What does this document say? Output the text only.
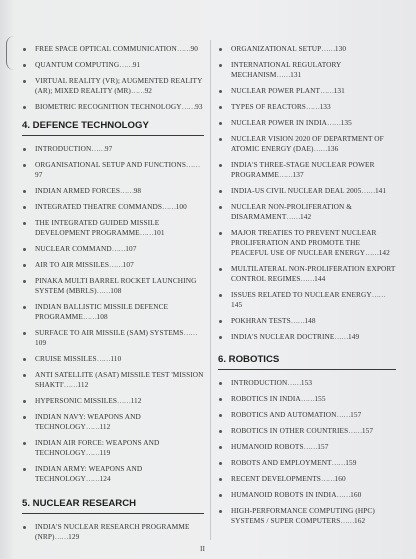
FREE SPACE OPTICAL COMMUNICATION……90
QUANTUM COMPUTING……91
VIRTUAL REALITY (VR); AUGMENTED REALITY (AR); MIXED REALITY (MR)……92
BIOMETRIC RECOGNITION TECHNOLOGY……93
4. DEFENCE TECHNOLOGY
INTRODUCTION……97
ORGANISATIONAL SETUP AND FUNCTIONS……97
INDIAN ARMED FORCES……98
INTEGRATED THEATRE COMMANDS……100
THE INTEGRATED GUIDED MISSILE DEVELOPMENT PROGRAMME……101
NUCLEAR COMMAND……107
AIR TO AIR MISSILES……107
PINAKA MULTI BARREL ROCKET LAUNCHING SYSTEM (MBRLS)……108
INDIAN BALLISTIC MISSILE DEFENCE PROGRAMME……108
SURFACE TO AIR MISSILE (SAM) SYSTEMS……109
CRUISE MISSILES……110
ANTI SATELLITE (ASAT) MISSILE TEST 'MISSION SHAKTI'……112
HYPERSONIC MISSILES……112
INDIAN NAVY: WEAPONS AND TECHNOLOGY……112
INDIAN AIR FORCE: WEAPONS AND TECHNOLOGY……119
INDIAN ARMY: WEAPONS AND TECHNOLOGY……124
5. NUCLEAR RESEARCH
INDIA'S NUCLEAR RESEARCH PROGRAMME (NRP)……129
ORGANIZATIONAL SETUP……130
INTERNATIONAL REGULATORY MECHANISM……131
NUCLEAR POWER PLANT……131
TYPES OF REACTORS……133
NUCLEAR POWER IN INDIA……135
NUCLEAR VISION 2020 OF DEPARTMENT OF ATOMIC ENERGY (DAE)……136
INDIA'S THREE-STAGE NUCLEAR POWER PROGRAMME……137
INDIA-US CIVIL NUCLEAR DEAL 2005……141
NUCLEAR NON-PROLIFERATION & DISARMAMENT……142
MAJOR TREATIES TO PREVENT NUCLEAR PROLIFERATION AND PROMOTE THE PEACEFUL USE OF NUCLEAR ENERGY……142
MULTILATERAL NON-PROLIFERATION EXPORT CONTROL REGIMES……144
ISSUES RELATED TO NUCLEAR ENERGY……145
POKHRAN TESTS……148
INDIA'S NUCLEAR DOCTRINE……149
6. ROBOTICS
INTRODUCTION……153
ROBOTICS IN INDIA……155
ROBOTICS AND AUTOMATION……157
ROBOTICS IN OTHER COUNTRIES……157
HUMANOID ROBOTS……157
ROBOTS AND EMPLOYMENT……159
RECENT DEVELOPMENTS……160
HUMANOID ROBOTS IN INDIA……160
HIGH-PERFORMANCE COMPUTING (HPC) SYSTEMS / SUPER COMPUTERS……162
II
